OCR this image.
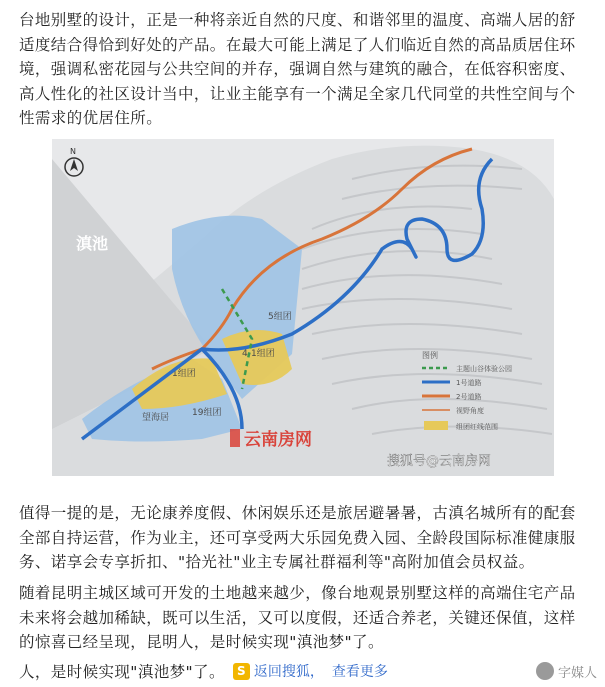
台地别墅的设计，正是一种将亲近自然的尺度、和谐邻里的温度、高端人居的舒适度结合得恰到好处的产品。在最大可能上满足了人们临近自然的高品质居住环境，强调私密花园与公共空间的并存，强调自然与建筑的融合，在低容积密度、高人性化的社区设计当中，让业主能享有一个满足全家几代同堂的共性空间与个性需求的优居住所。

滇池
5组团
4-1组团
1组团
19组团
望海居
N
图例
主题山谷体验公园
1号道路
2号道路
视野角度
组团红线范围
云南房网
搜狐号@云南房网

值得一提的是，无论康养度假、休闲娱乐还是旅居避暑暑，古滇名城所有的配套全部自持运营，作为业主，还可享受两大乐园免费入园、全龄段国际标准健康服务、诺享会专享折扣、"拾光社"业主专属社群福利等"高附加值会员权益。

随着昆明主城区域可开发的土地越来越少，像台地观景别墅这样的高端住宅产品未来将会越加稀缺，既可以生活，又可以度假，还适合养老，关键还保值，这样的惊喜已经呈现，昆明人，是时候实现"滇池梦"了。

人，是时候实现"滇池梦"了。	S 返回搜狐， 查看更多	字媒人
